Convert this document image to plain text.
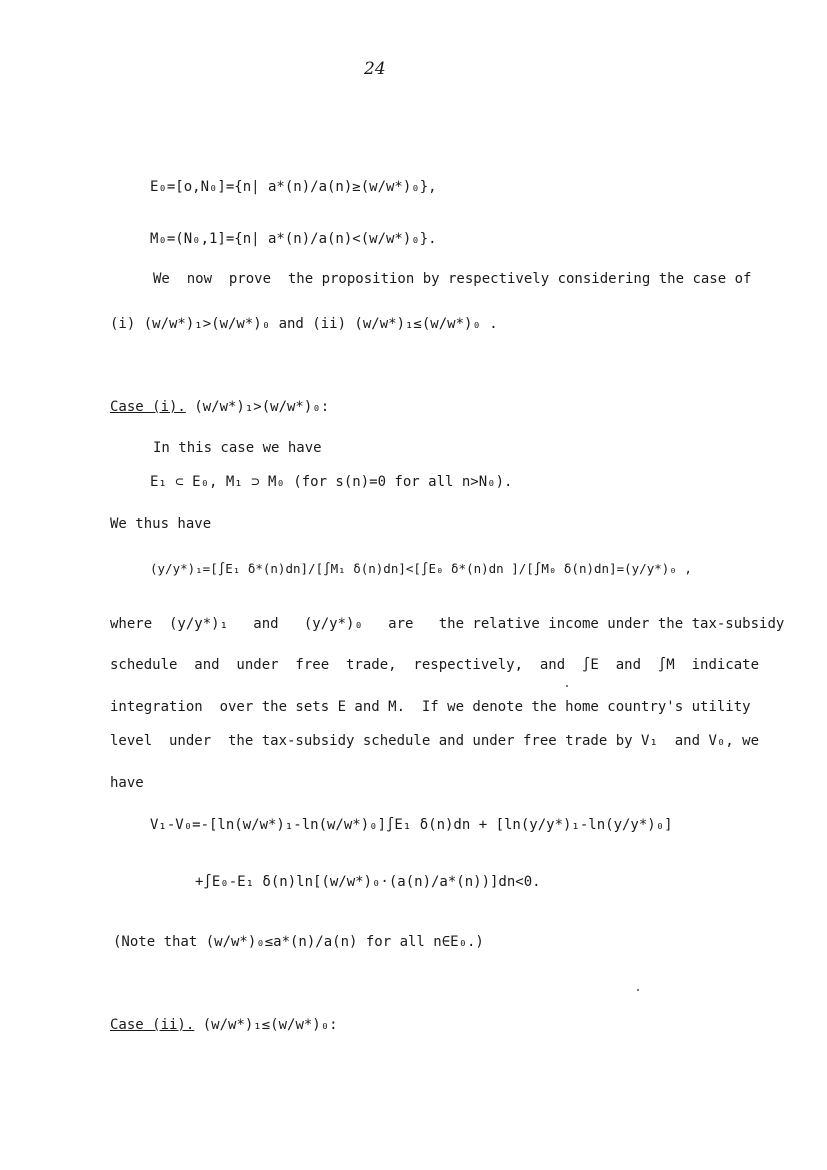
24
E₀=[o,N₀]={n| a*(n)/a(n)≥(w/w*)₀},
M₀=(N₀,1]={n| a*(n)/a(n)<(w/w*)₀}.
We  now  prove  the proposition by respectively considering the case of
(i) (w/w*)₁>(w/w*)₀ and (ii) (w/w*)₁≤(w/w*)₀ .
Case (i). (w/w*)₁>(w/w*)₀:
In this case we have
E₁ ⊂ E₀, M₁ ⊃ M₀ (for s(n)=0 for all n>N₀).
We thus have
(y/y*)₁=[∫E₁ δ*(n)dn]/[∫M₁ δ(n)dn]<[∫E₀ δ*(n)dn ]/[∫M₀ δ(n)dn]=(y/y*)₀ ,
where  (y/y*)₁   and   (y/y*)₀   are   the relative income under the tax-subsidy
schedule  and  under  free  trade,  respectively,  and  ∫E  and  ∫M  indicate
integration  over the sets E and M.  If we denote the home country's utility
level  under  the tax-subsidy schedule and under free trade by V₁  and V₀, we
have
V₁-V₀=-[ln(w/w*)₁-ln(w/w*)₀]∫E₁ δ(n)dn + [ln(y/y*)₁-ln(y/y*)₀]
+∫E₀-E₁ δ(n)ln[(w/w*)₀·(a(n)/a*(n))]dn<0.
(Note that (w/w*)₀≤a*(n)/a(n) for all n∈E₀.)
Case (ii). (w/w*)₁≤(w/w*)₀:
